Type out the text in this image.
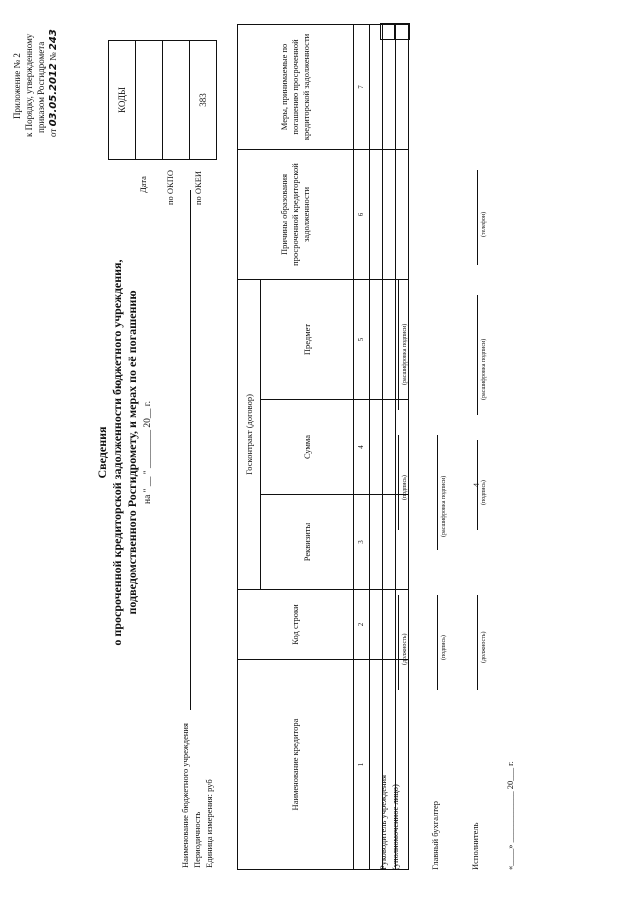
4
Приложение № 2 к Порядку, утвержденному приказом Росгидромета от 03.05.2012 № 243
Сведения о просроченной кредиторской задолженности бюджетного учреждения, подведомственного Росгидромету, и мерах по её погашению на " __ " ________ 20__ г.
Наименование бюджетного учреждения Периодичность Единица измерения: руб
Дата по ОКПО по ОКЕИ
КОДЫ

383
Наименование кредитора	Код строки	Госконтракт (договор)			Причины образования просроченной кредиторской задолженности	Меры, принимаемые по погашению просроченной кредиторской задолженности
		Реквизиты	Сумма	Предмет		
1	2	3	4	5	6	7

Руководитель учреждения (уполномоченное лицо)
(должность)
(подпись)
(расшифровка подписи)
Главный бухгалтер
(подпись)
(расшифровка подписи)
Исполнитель
(должность)
(подпись)
(расшифровка подписи)
(телефон)
«____» ____________ 20___ г.
